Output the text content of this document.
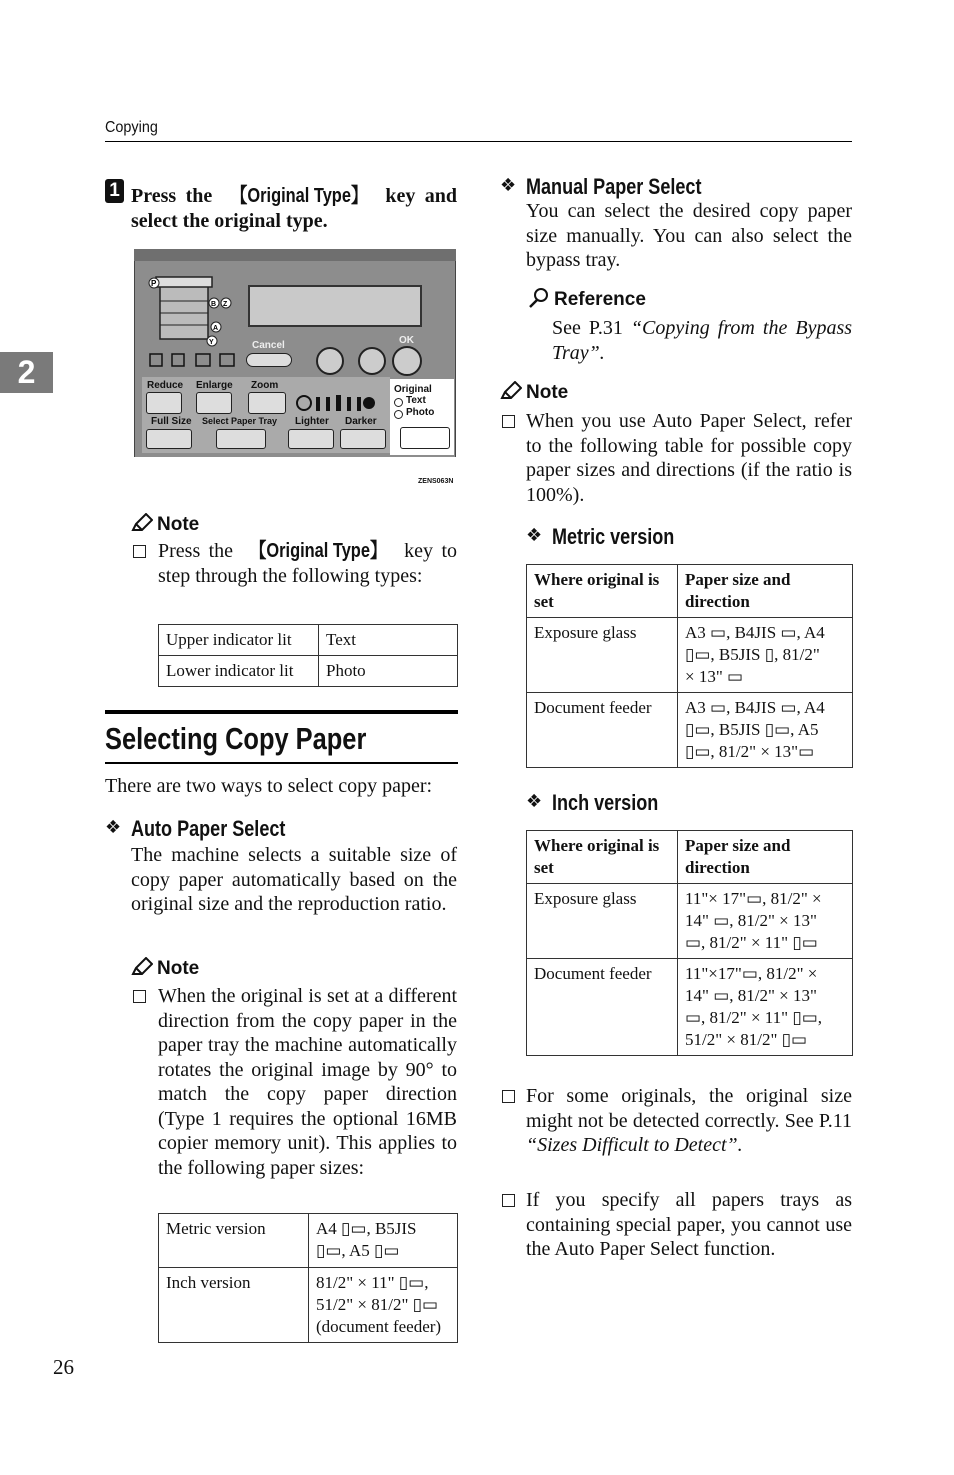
Copying
2
1 Press the 【Original Type】 key and select the original type.
P
B Z
A
Y	Cancel	OK
Reduce Enlarge Zoom
Full Size Select Paper Tray Lighter Darker
Original
Text
Photo
ZENS063N
Note
Press the 【Original Type】 key to step through the following types:
Upper indicator lit	Text
Lower indicator lit	Photo
Selecting Copy Paper
There are two ways to select copy paper:
❖ Auto Paper Select
The machine selects a suitable size of copy paper automatically based on the original size and the reproduction ratio.
Note
When the original is set at a different direction from the copy paper in the paper tray the machine automatically rotates the original image by 90° to match the copy paper direction (Type 1 requires the optional 16MB copier memory unit). This applies to the following paper sizes:
Metric version	A4 ▯▭, B5JIS
▯▭, A5 ▯▭

Inch version	81/2" × 11" ▯▭,
51/2" × 81/2" ▯▭
(document feeder)
❖ Manual Paper Select
You can select the desired copy paper size manually. You can also select the bypass tray.
Reference
See P.31 “Copying from the Bypass Tray”.
Note
When you use Auto Paper Select, refer to the following table for possible copy paper sizes and directions (if the ratio is 100%).
❖ Metric version
Where original is set	Paper size and direction
Exposure glass	A3 ▭, B4JIS ▭, A4
▯▭, B5JIS ▯, 81/2"
× 13" ▭

Document feeder	A3 ▭, B4JIS ▭, A4
▯▭, B5JIS ▯▭, A5
▯▭, 81/2" × 13"▭
❖ Inch version
Where original is set	Paper size and direction
Exposure glass	11"× 17"▭, 81/2" ×
14" ▭, 81/2" × 13"
▭, 81/2" × 11" ▯▭

Document feeder	11"×17"▭, 81/2" ×
14" ▭, 81/2" × 13"
▭, 81/2" × 11" ▯▭,
51/2" × 81/2" ▯▭
For some originals, the original size might not be detected correctly. See P.11 “Sizes Difficult to Detect”.
If you specify all papers trays as containing special paper, you cannot use the Auto Paper Select function.
26
